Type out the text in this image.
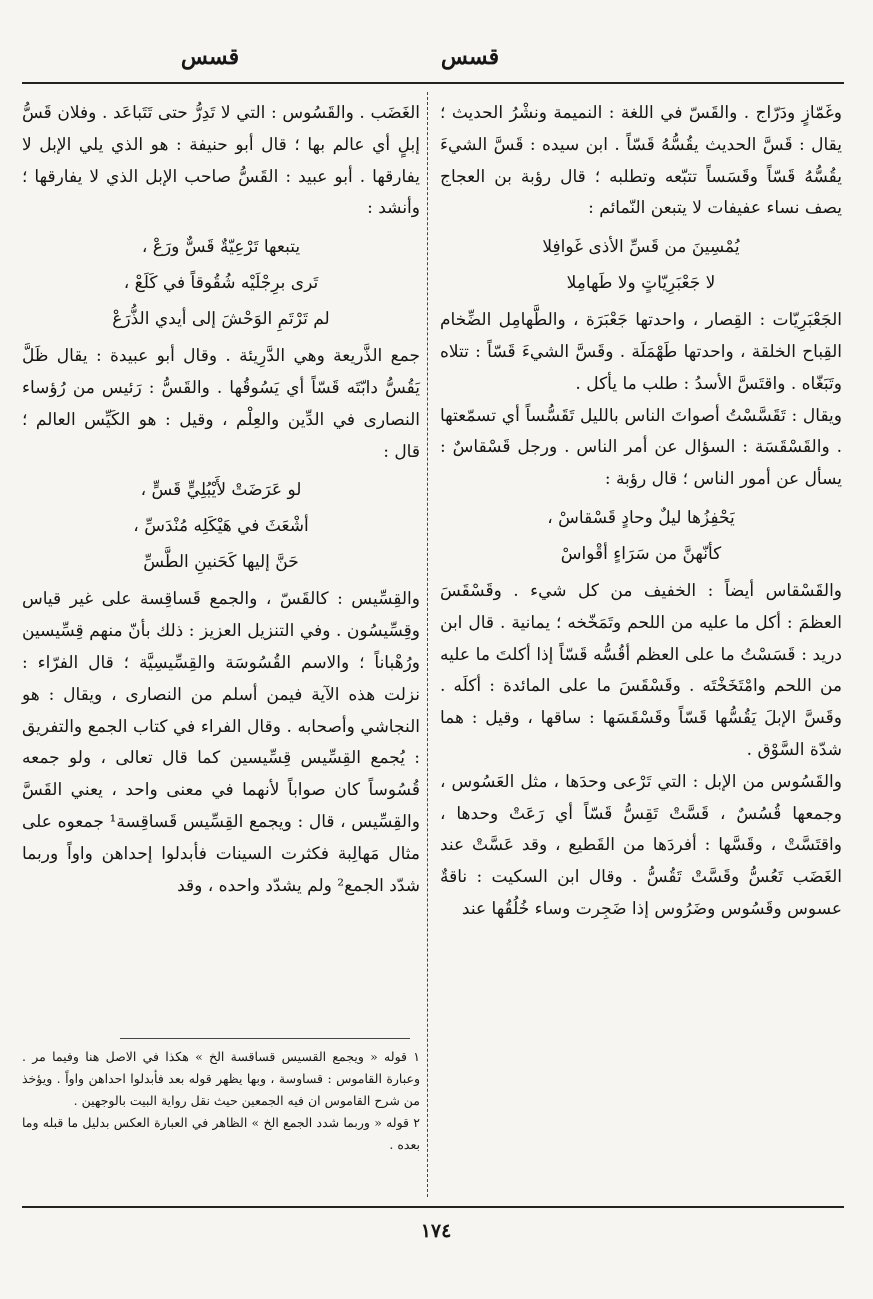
قسس
قسس

وغَمّازٍ ودَرّاج . والقَسّ في اللغة : النميمة ونشْرُ الحديث ؛ يقال : قَسَّ الحديث يقُسُّهُ قَسّاً . ابن سيده : قَسَّ الشيءَ يقُسُّهُ قَسّاً وقَسَساً تتبّعه وتطلبه ؛ قال رؤبة بن العجاج يصف نساء عفيفات لا يتبعن النّمائم :

يُمْسِينَ من قَسِّ الأذى غَوافِلا
لا جَعْبَرِيّاتٍ ولا طَهامِلا

الجَعْبَرِيّات : القِصار ، واحدتها جَعْبَرَة ، والطَّهامِل الضِّخام القِباح الخلقة ، واحدتها طَهْمَلَة . وقَسَّ الشيءَ قَسّاً : تتلاه وتَبَغّاه . واقتَسَّ الأسدُ : طلب ما يأكل .

ويقال : تَقَسَّسْتُ أصواتَ الناس بالليل تَقَسُّساً أي تسمّعتها . والقَسْقَسَة : السؤال عن أمر الناس . ورجل قَسْقاسٌ : يسأل عن أمور الناس ؛ قال رؤبة :

يَحْفِزُها ليلٌ وحادٍ قَسْقاسْ ،
كأنّهنَّ من سَرَاءٍ أقْواسْ

والقَسْقاس أيضاً : الخفيف من كل شيء . وقَسْقَسَ العظمَ : أكل ما عليه من اللحم وتَمَخّخه ؛ يمانية . قال ابن دريد : قَسَسْتُ ما على العظم أقُسُّه قَسّاً إذا أكلتَ ما عليه من اللحم وامْتَخَخْتَه . وقَسْقَسَ ما على المائدة : أكلَه . وقَسَّ الإبلَ يَقُسُّها قَسّاً وقَسْقَسَها : ساقها ، وقيل : هما شدّة السَّوْق .

والقَسُوس من الإبل : التي تَرْعى وحدَها ، مثل العَسُوس ، وجمعها قُسُسٌ ، قَسَّتْ تَقِسُّ قَسّاً أي رَعَتْ وحدها ، واقتَسَّتْ ، وقَسَّها : أفردَها من القَطيع ، وقد عَسَّتْ عند الغَضَب تَعُسُّ وقَسَّتْ تَقُسُّ . وقال ابن السكيت : ناقةٌ عسوس وقَسُوس وضَرُوس إذا ضَجِرت وساء خُلُقُها عند

الغَضَب . والقَسُوس : التي لا تَدِرُّ حتى تَتَباعَد . وفلان قَسُّ إبلٍ أي عالم بها ؛ قال أبو حنيفة : هو الذي يلي الإبل لا يفارقها . أبو عبيد : القَسُّ صاحب الإبل الذي لا يفارقها ؛ وأنشد :

يتبعها تَرْعِيّةٌ قَسٌّ ورَعْ ،
تَرى برِجْلَيْه شُقُوقاً في كَلَعْ ،
لم تَرْتَمِ الوَحْشَ إلى أيدي الذُّرَعْ

جمع الذَّريعة وهي الدَّرِيئة . وقال أبو عبيدة : يقال ظَلَّ يَقُسُّ دابّتَه قَسّاً أي يَسُوقُها . والقَسُّ : رَئيس من رُؤساء النصارى في الدِّين والعِلْم ، وقيل : هو الكَيِّس العالم ؛ قال :

لو عَرَضَتْ لأَيْبُلِيٍّ قَسٍّ ،
أشْعَثَ في هَيْكَلِه مُنْدَسِّ ،
حَنَّ إليها كَحَنينِ الطَّسِّ

والقِسِّيس : كالقَسّ ، والجمع قَساقِسة على غير قياس وقِسِّيسُون . وفي التنزيل العزيز : ذلك بأنّ منهم قِسِّيسين ورُهْباناً ؛ والاسم القُسُوسَة والقِسِّيسِيَّة ؛ قال الفرّاء : نزلت هذه الآية فيمن أسلم من النصارى ، ويقال : هو النجاشي وأصحابه . وقال الفراء في كتاب الجمع والتفريق : يُجمع القِسِّيس قِسِّيسين كما قال تعالى ، ولو جمعه قُسُوساً كان صواباً لأنهما في معنى واحد ، يعني القَسَّ والقِسِّيس ، قال : ويجمع القِسِّيس قَساقِسة¹ جمعوه على مثال مَهالِبة فكثرت السينات فأبدلوا إحداهن واواً وربما شدّد الجمع² ولم يشدّد واحده ، وقد

١ قوله « ويجمع القسيس قساقسة الخ » هكذا في الاصل هنا وفيما مر . وعبارة القاموس : قساوسة ، وبها يظهر قوله بعد فأبدلوا احداهن واواً . ويؤخذ من شرح القاموس ان فيه الجمعين حيث نقل رواية البيت بالوجهين .

٢ قوله « وربما شدد الجمع الخ » الظاهر في العبارة العكس بدليل ما قبله وما بعده .

١٧٤
